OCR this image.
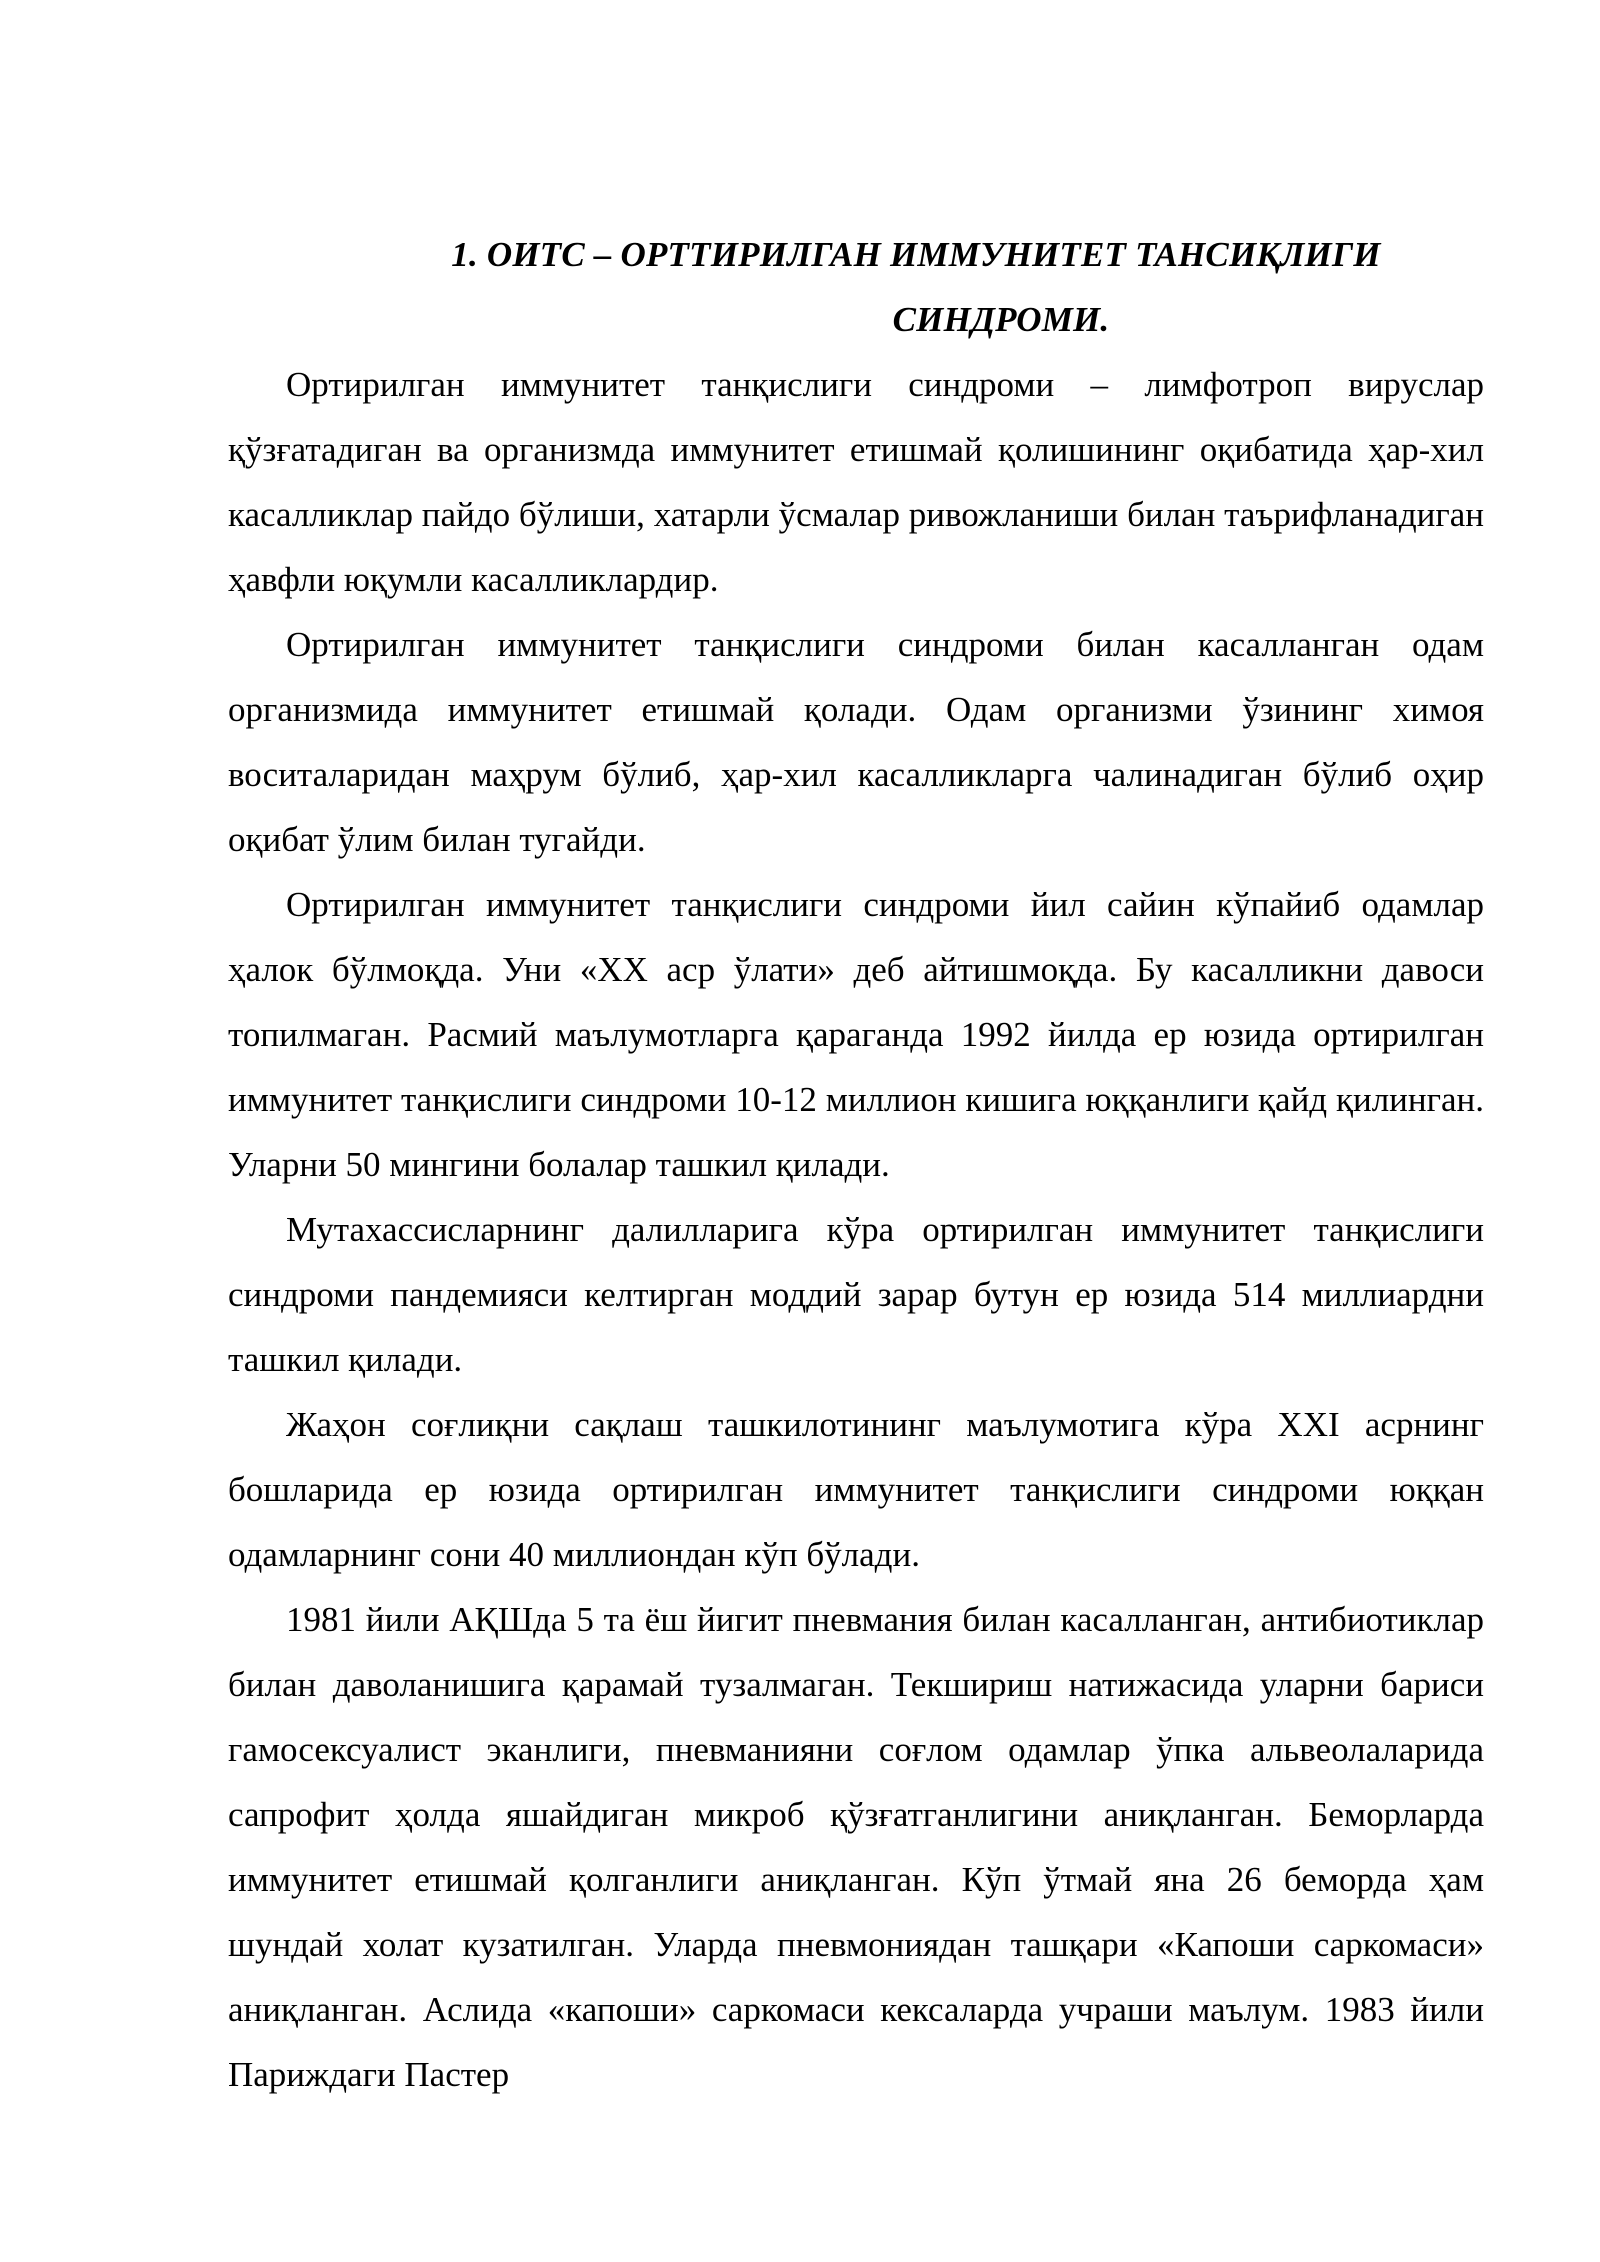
1. ОИТС – ОРТТИРИЛГАН ИММУНИТЕТ ТАНСИҚЛИГИ
СИНДРОМИ.

Ортирилган иммунитет танқислиги синдроми – лимфотроп вируслар қўзғатадиган ва организмда иммунитет етишмай қолишининг оқибатида ҳар-хил касалликлар пайдо бўлиши, хатарли ўсмалар ривожланиши билан таърифланадиган ҳавфли юқумли касалликлардир.

Ортирилган иммунитет танқислиги синдроми билан касалланган одам организмида иммунитет етишмай қолади. Одам организми ўзининг химоя воситаларидан маҳрум бўлиб, ҳар-хил касалликларга чалинадиган бўлиб оҳир оқибат ўлим билан тугайди.

Ортирилган иммунитет танқислиги синдроми йил сайин кўпайиб одамлар ҳалок бўлмоқда. Уни «XX аср ўлати» деб айтишмоқда. Бу касалликни давоси топилмаган. Расмий маълумотларга қараганда 1992 йилда ер юзида ортирилган иммунитет танқислиги синдроми 10-12 миллион кишига юққанлиги қайд қилинган. Уларни 50 мингини болалар ташкил қилади.

Мутахассисларнинг далилларига кўра ортирилган иммунитет танқислиги синдроми пандемияси келтирган моддий зарар бутун ер юзида 514 миллиардни ташкил қилади.

Жаҳон соғлиқни сақлаш ташкилотининг маълумотига кўра XXI асрнинг бошларида ер юзида ортирилган иммунитет танқислиги синдроми юққан одамларнинг сони 40 миллиондан кўп бўлади.

1981 йили АҚШда 5 та ёш йигит пневмания билан касалланган, антибиотиклар билан даволанишига қарамай тузалмаган. Текшириш натижасида уларни бариси гамосексуалист эканлиги, пневманияни соғлом одамлар ўпка альвеолаларида сапрофит ҳолда яшайдиган микроб қўзғатганлигини аниқланган. Беморларда иммунитет етишмай қолганлиги аниқланган. Кўп ўтмай яна 26 беморда ҳам шундай холат кузатилган. Уларда пневмониядан ташқари «Капоши саркомаси» аниқланган. Аслида «капоши» саркомаси кексаларда учраши маълум. 1983 йили Париждаги Пастер
